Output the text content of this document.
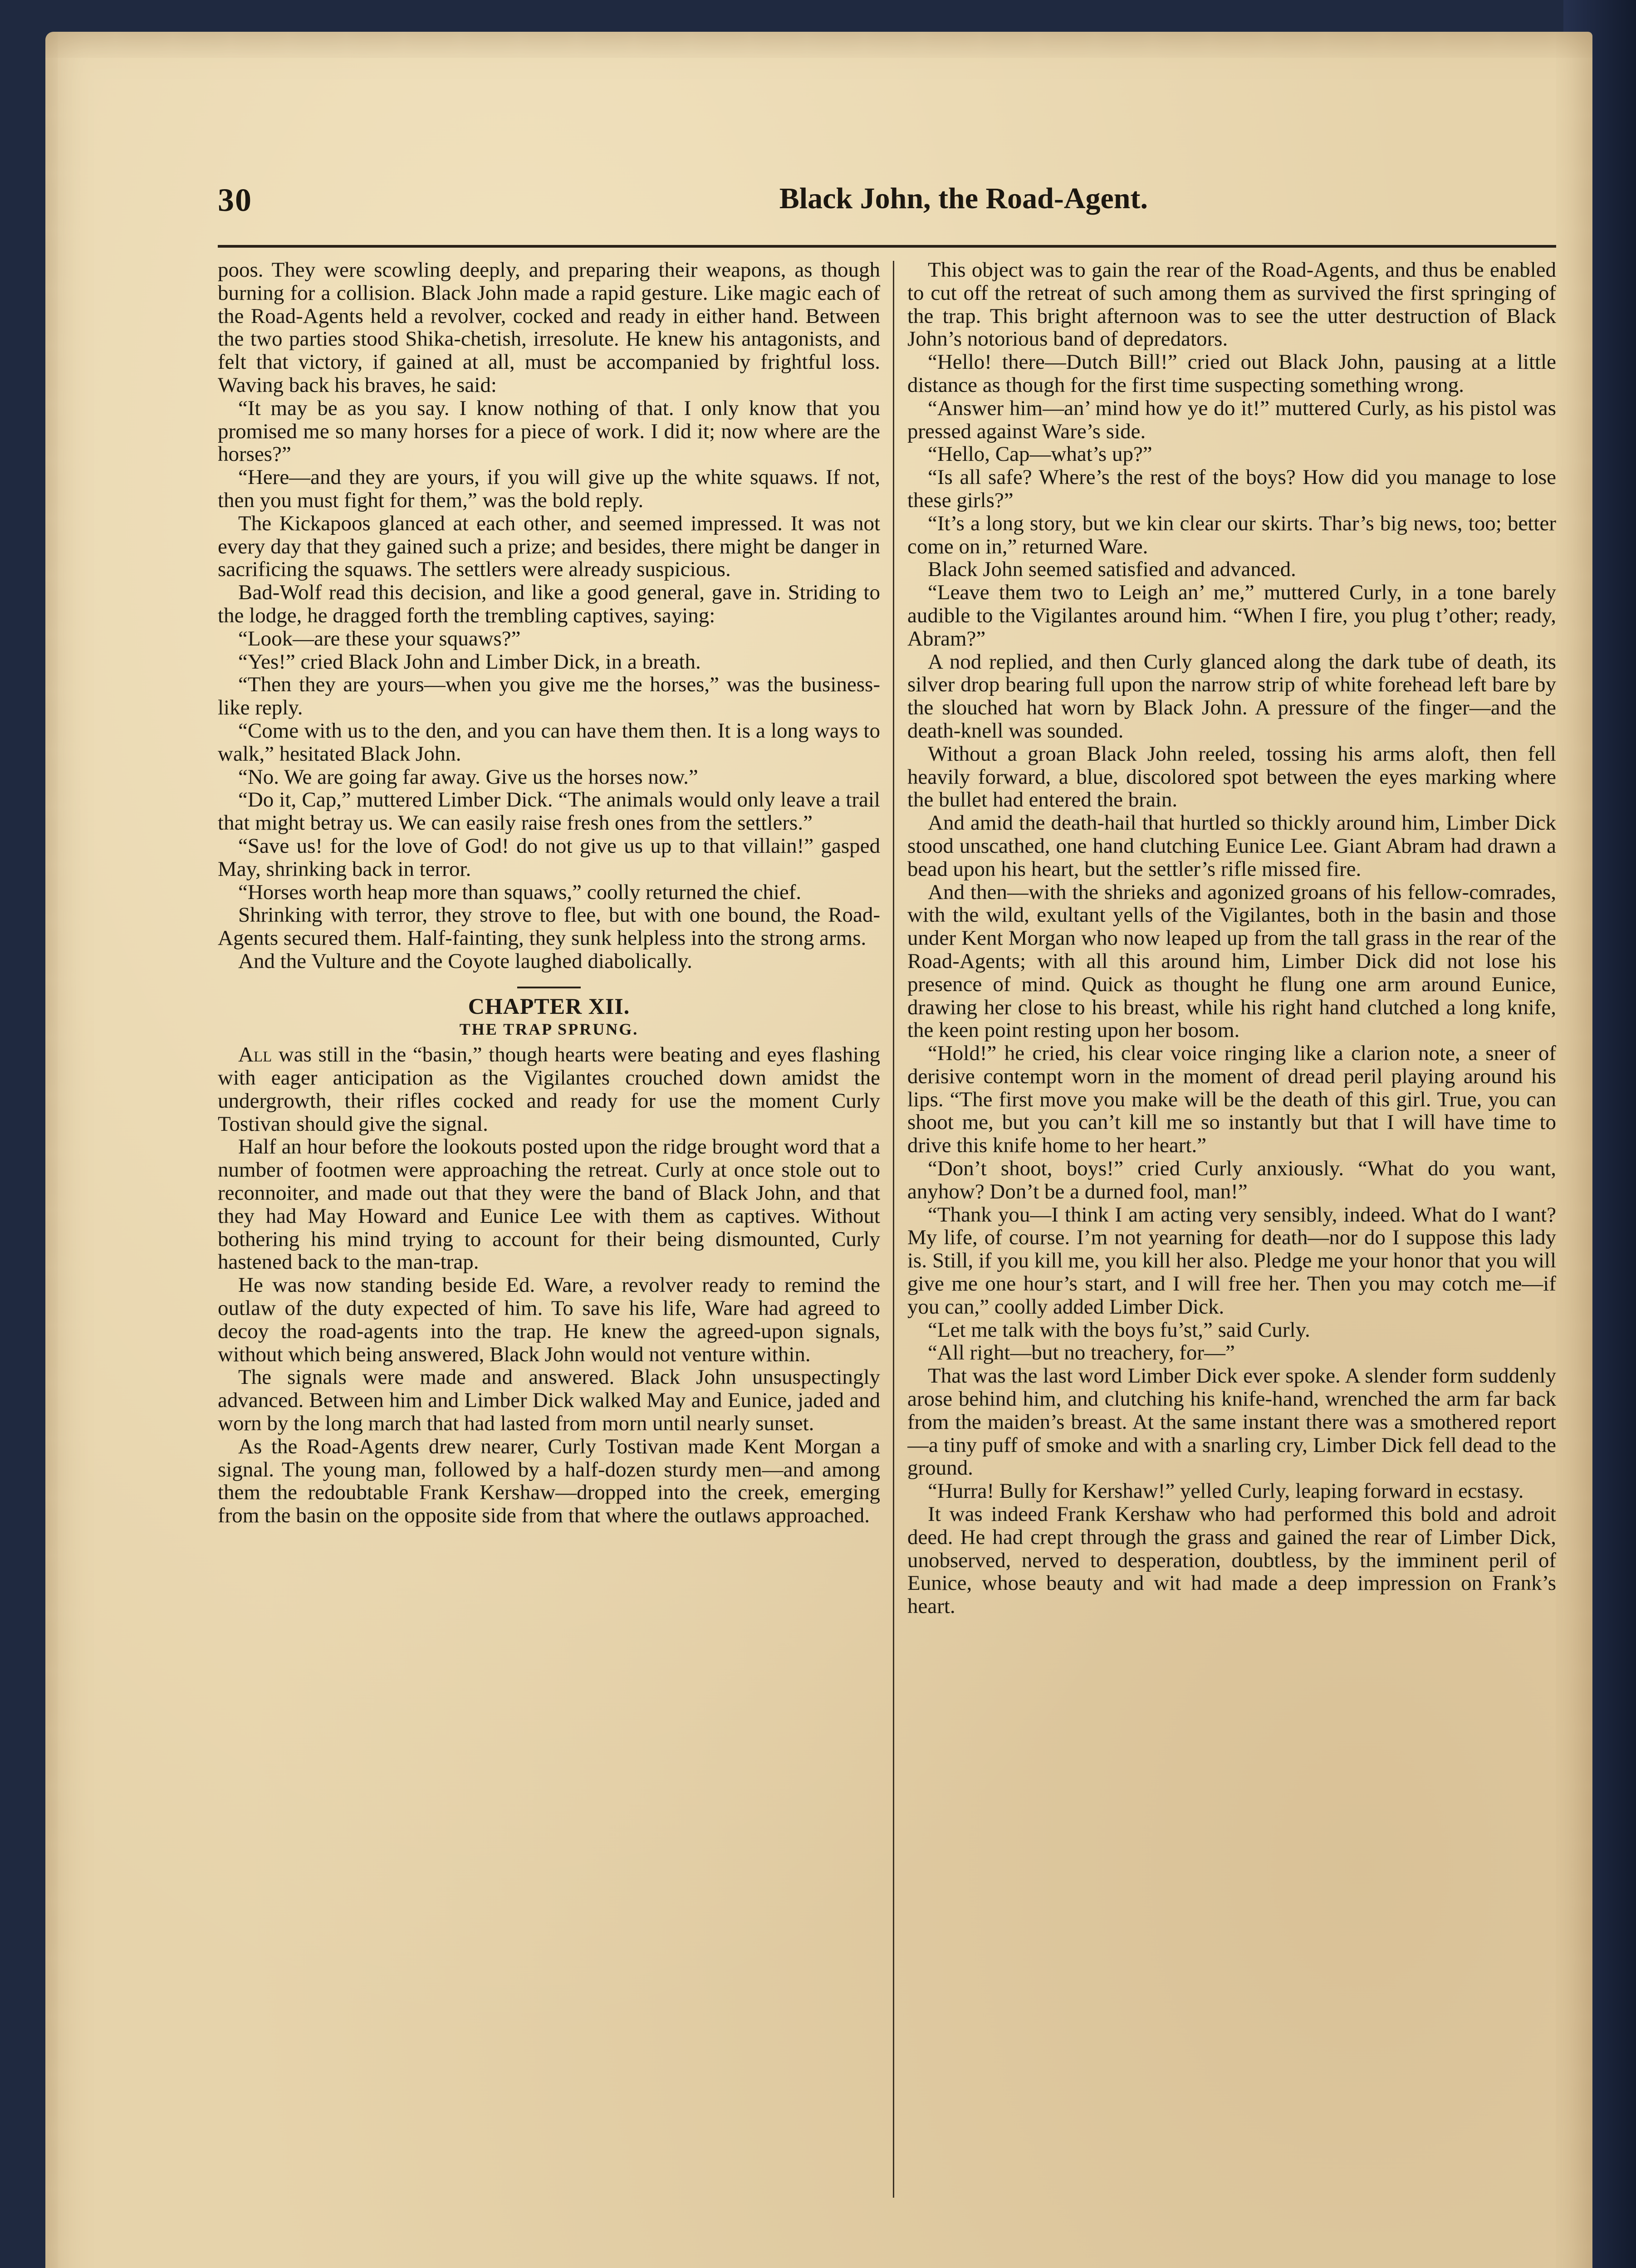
30	Black John, the Road-Agent.

poos. They were scowling deeply, and preparing their weapons, as though burning for a collision. Black John made a rapid gesture. Like magic each of the Road-Agents held a revolver, cocked and ready in either hand. Between the two parties stood Shika-chetish, irresolute. He knew his antagonists, and felt that victory, if gained at all, must be accompanied by frightful loss. Waving back his braves, he said:

“It may be as you say. I know nothing of that. I only know that you promised me so many horses for a piece of work. I did it; now where are the horses?”

“Here—and they are yours, if you will give up the white squaws. If not, then you must fight for them,” was the bold reply.

The Kickapoos glanced at each other, and seemed impressed. It was not every day that they gained such a prize; and besides, there might be danger in sacrificing the squaws. The settlers were already suspicious.

Bad-Wolf read this decision, and like a good general, gave in. Striding to the lodge, he dragged forth the trembling captives, saying:

“Look—are these your squaws?”

“Yes!” cried Black John and Limber Dick, in a breath.

“Then they are yours—when you give me the horses,” was the business-like reply.

“Come with us to the den, and you can have them then. It is a long ways to walk,” hesitated Black John.

“No. We are going far away. Give us the horses now.”

“Do it, Cap,” muttered Limber Dick. “The animals would only leave a trail that might betray us. We can easily raise fresh ones from the settlers.”

“Save us! for the love of God! do not give us up to that villain!” gasped May, shrinking back in terror.

“Horses worth heap more than squaws,” coolly returned the chief.

Shrinking with terror, they strove to flee, but with one bound, the Road-Agents secured them. Half-fainting, they sunk helpless into the strong arms.

And the Vulture and the Coyote laughed diabolically.

CHAPTER XII.
THE TRAP SPRUNG.

All was still in the “basin,” though hearts were beating and eyes flashing with eager anticipation as the Vigilantes crouched down amidst the undergrowth, their rifles cocked and ready for use the moment Curly Tostivan should give the signal.

Half an hour before the lookouts posted upon the ridge brought word that a number of footmen were approaching the retreat. Curly at once stole out to reconnoiter, and made out that they were the band of Black John, and that they had May Howard and Eunice Lee with them as captives. Without bothering his mind trying to account for their being dismounted, Curly hastened back to the man-trap.

He was now standing beside Ed. Ware, a revolver ready to remind the outlaw of the duty expected of him. To save his life, Ware had agreed to decoy the road-agents into the trap. He knew the agreed-upon signals, without which being answered, Black John would not venture within.

The signals were made and answered. Black John unsuspectingly advanced. Between him and Limber Dick walked May and Eunice, jaded and worn by the long march that had lasted from morn until nearly sunset.

As the Road-Agents drew nearer, Curly Tostivan made Kent Morgan a signal. The young man, followed by a half-dozen sturdy men—and among them the redoubtable Frank Kershaw—dropped into the creek, emerging from the basin on the opposite side from that where the outlaws approached.

This object was to gain the rear of the Road-Agents, and thus be enabled to cut off the retreat of such among them as survived the first springing of the trap. This bright afternoon was to see the utter destruction of Black John’s notorious band of depredators.

“Hello! there—Dutch Bill!” cried out Black John, pausing at a little distance as though for the first time suspecting something wrong.

“Answer him—an’ mind how ye do it!” muttered Curly, as his pistol was pressed against Ware’s side.

“Hello, Cap—what’s up?”

“Is all safe? Where’s the rest of the boys? How did you manage to lose these girls?”

“It’s a long story, but we kin clear our skirts. Thar’s big news, too; better come on in,” returned Ware.

Black John seemed satisfied and advanced.

“Leave them two to Leigh an’ me,” muttered Curly, in a tone barely audible to the Vigilantes around him. “When I fire, you plug t’other; ready, Abram?”

A nod replied, and then Curly glanced along the dark tube of death, its silver drop bearing full upon the narrow strip of white forehead left bare by the slouched hat worn by Black John. A pressure of the finger—and the death-knell was sounded.

Without a groan Black John reeled, tossing his arms aloft, then fell heavily forward, a blue, discolored spot between the eyes marking where the bullet had entered the brain.

And amid the death-hail that hurtled so thickly around him, Limber Dick stood unscathed, one hand clutching Eunice Lee. Giant Abram had drawn a bead upon his heart, but the settler’s rifle missed fire.

And then—with the shrieks and agonized groans of his fellow-comrades, with the wild, exultant yells of the Vigilantes, both in the basin and those under Kent Morgan who now leaped up from the tall grass in the rear of the Road-Agents; with all this around him, Limber Dick did not lose his presence of mind. Quick as thought he flung one arm around Eunice, drawing her close to his breast, while his right hand clutched a long knife, the keen point resting upon her bosom.

“Hold!” he cried, his clear voice ringing like a clarion note, a sneer of derisive contempt worn in the moment of dread peril playing around his lips. “The first move you make will be the death of this girl. True, you can shoot me, but you can’t kill me so instantly but that I will have time to drive this knife home to her heart.”

“Don’t shoot, boys!” cried Curly anxiously. “What do you want, anyhow? Don’t be a durned fool, man!”

“Thank you—I think I am acting very sensibly, indeed. What do I want? My life, of course. I’m not yearning for death—nor do I suppose this lady is. Still, if you kill me, you kill her also. Pledge me your honor that you will give me one hour’s start, and I will free her. Then you may cotch me—if you can,” coolly added Limber Dick.

“Let me talk with the boys fu’st,” said Curly.

“All right—but no treachery, for—”

That was the last word Limber Dick ever spoke. A slender form suddenly arose behind him, and clutching his knife-hand, wrenched the arm far back from the maiden’s breast. At the same instant there was a smothered report—a tiny puff of smoke and with a snarling cry, Limber Dick fell dead to the ground.

“Hurra! Bully for Kershaw!” yelled Curly, leaping forward in ecstasy.

It was indeed Frank Kershaw who had performed this bold and adroit deed. He had crept through the grass and gained the rear of Limber Dick, unobserved, nerved to desperation, doubtless, by the imminent peril of Eunice, whose beauty and wit had made a deep impression on Frank’s heart.
